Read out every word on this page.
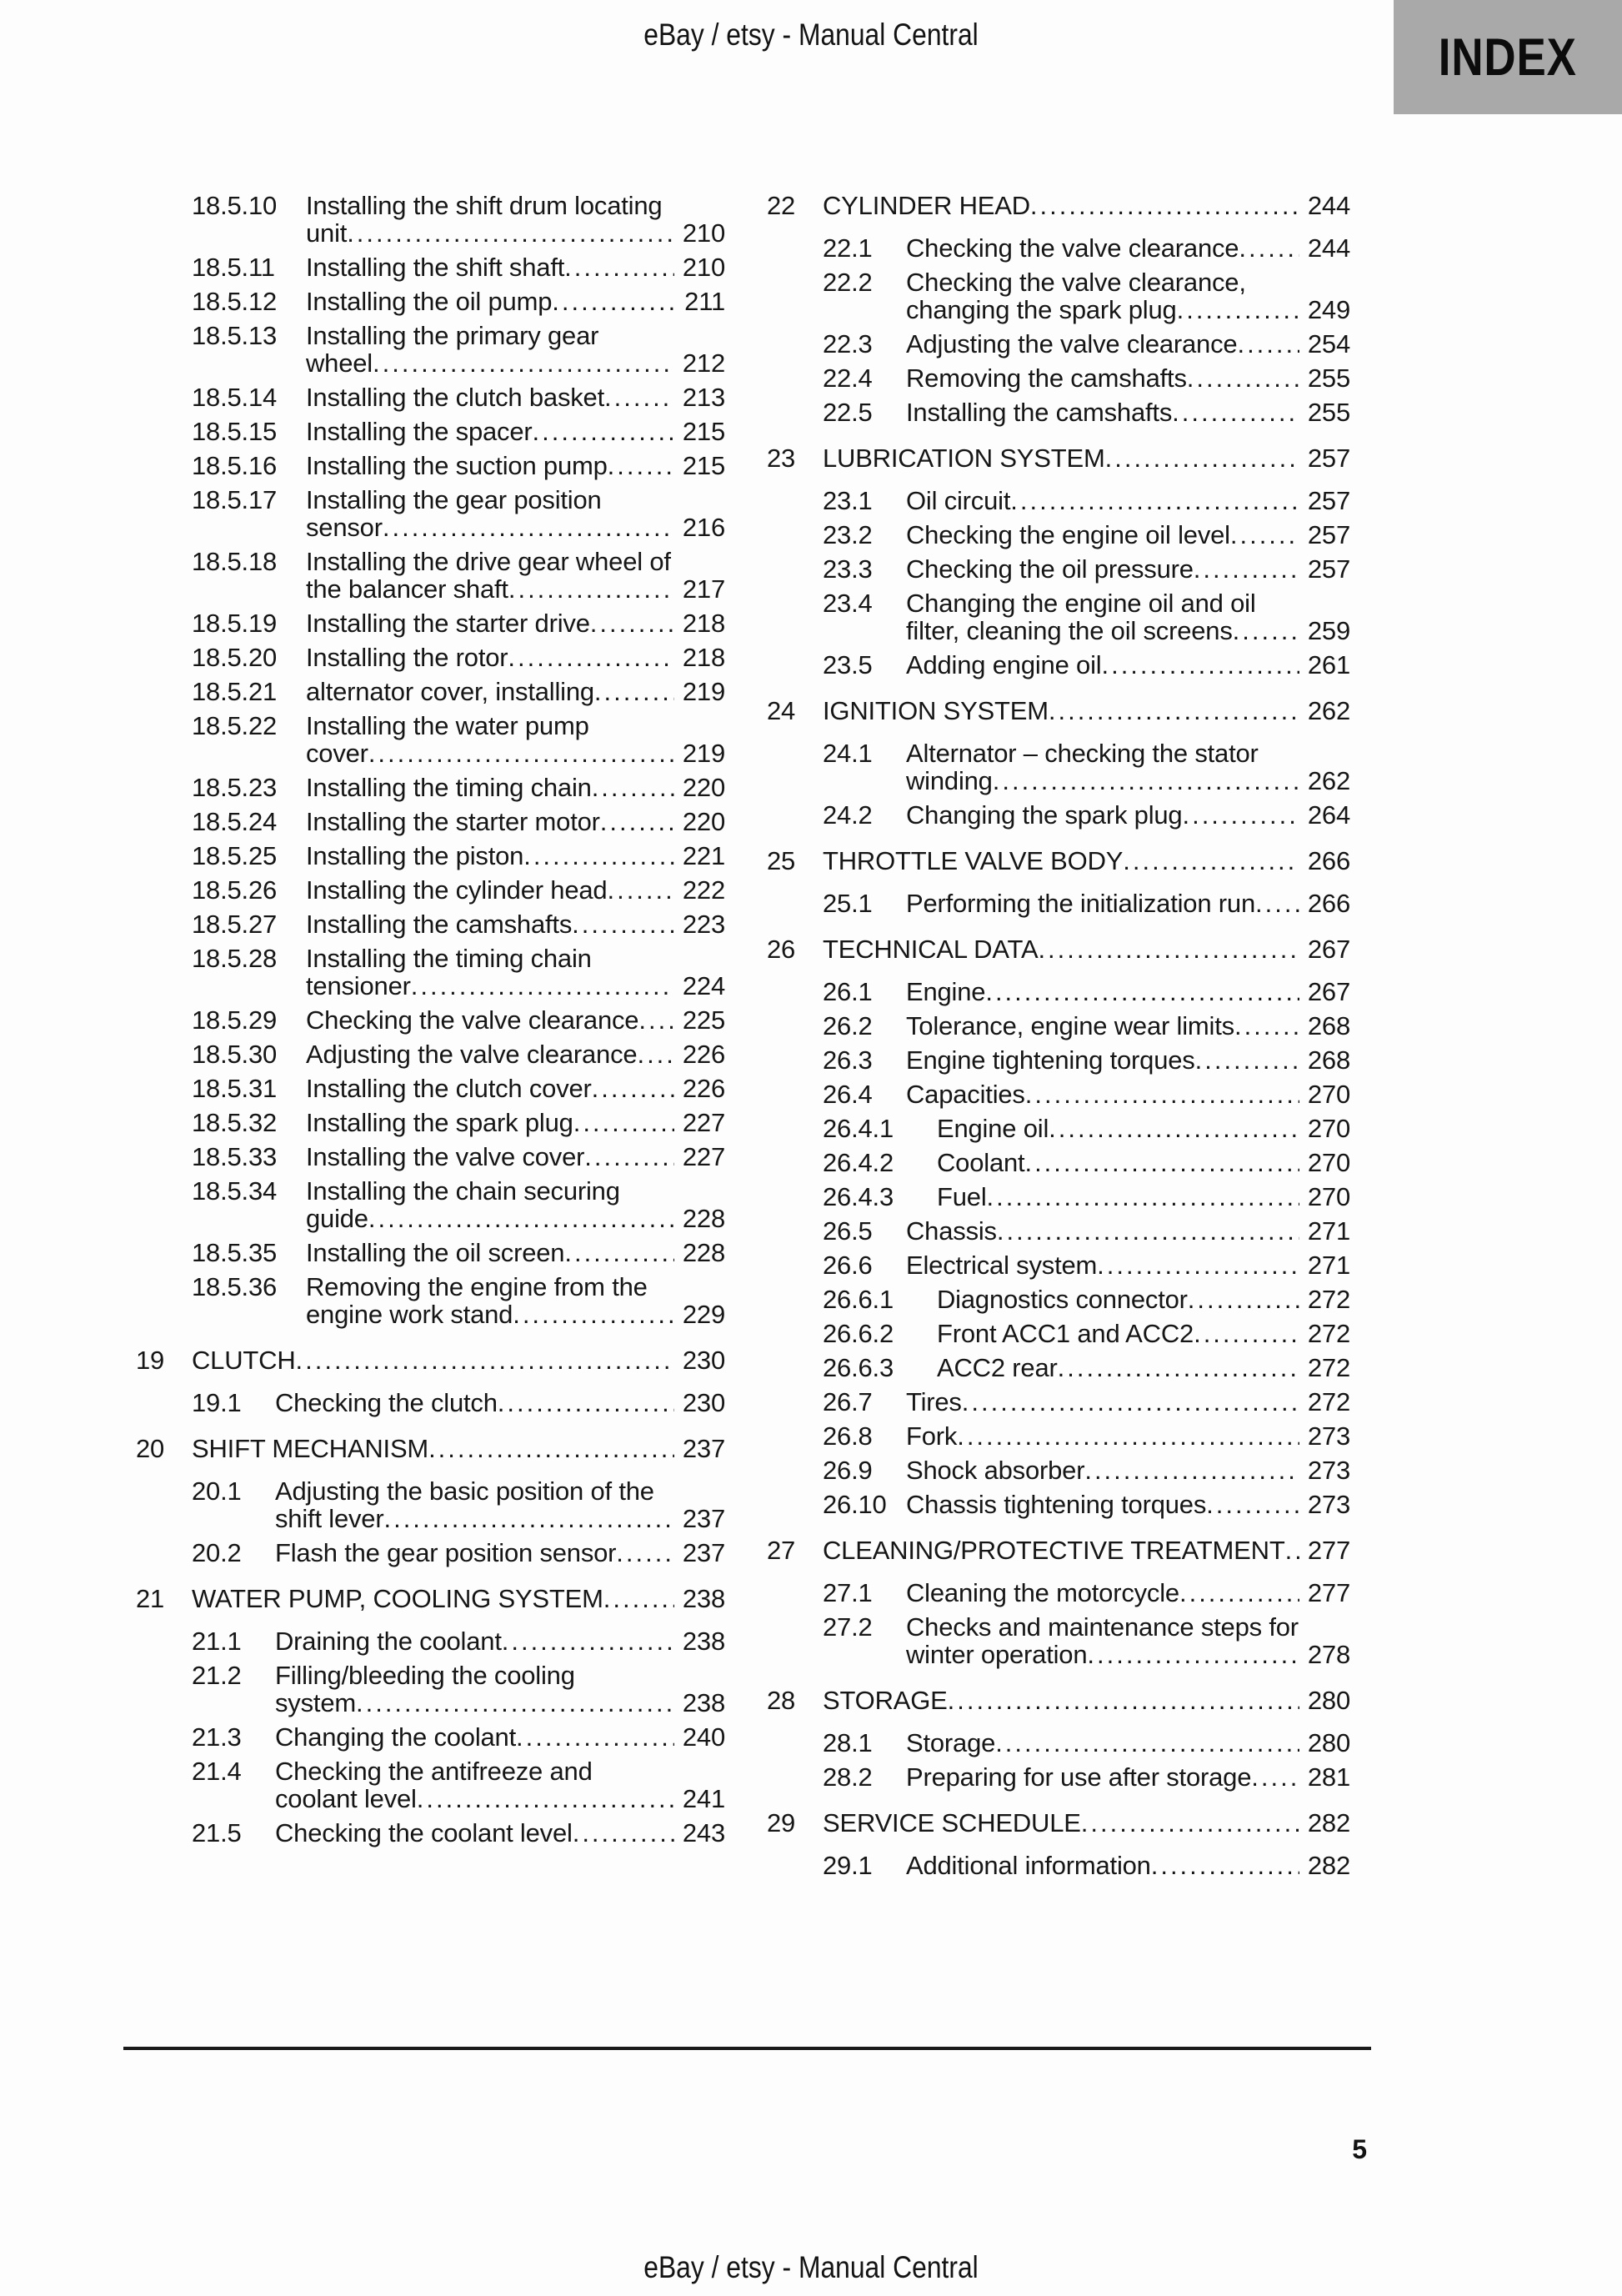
eBay / etsy - Manual Central	INDEX
18.5.10	Installing the shift drum locating
unit .....	210
18.5.11	Installing the shift shaft .....	210
18.5.12	Installing the oil pump .....	211
18.5.13	Installing the primary gear
wheel .....	212
18.5.14	Installing the clutch basket .....	213
18.5.15	Installing the spacer .....	215
18.5.16	Installing the suction pump .....	215
18.5.17	Installing the gear position
sensor .....	216
18.5.18	Installing the drive gear wheel of
the balancer shaft .....	217
18.5.19	Installing the starter drive .....	218
18.5.20	Installing the rotor .....	218
18.5.21	alternator cover, installing .....	219
18.5.22	Installing the water pump
cover .....	219
18.5.23	Installing the timing chain .....	220
18.5.24	Installing the starter motor .....	220
18.5.25	Installing the piston .....	221
18.5.26	Installing the cylinder head .....	222
18.5.27	Installing the camshafts .....	223
18.5.28	Installing the timing chain
tensioner .....	224
18.5.29	Checking the valve clearance .....	225
18.5.30	Adjusting the valve clearance .....	226
18.5.31	Installing the clutch cover .....	226
18.5.32	Installing the spark plug .....	227
18.5.33	Installing the valve cover .....	227
18.5.34	Installing the chain securing
guide .....	228
18.5.35	Installing the oil screen .....	228
18.5.36	Removing the engine from the
engine work stand .....	229
19	CLUTCH .....	230
19.1	Checking the clutch .....	230
20	SHIFT MECHANISM .....	237
20.1	Adjusting the basic position of the
shift lever .....	237
20.2	Flash the gear position sensor .....	237
21	WATER PUMP, COOLING SYSTEM .....	238
21.1	Draining the coolant .....	238
21.2	Filling/bleeding the cooling
system .....	238
21.3	Changing the coolant .....	240
21.4	Checking the antifreeze and
coolant level .....	241
21.5	Checking the coolant level .....	243
22	CYLINDER HEAD .....	244
22.1	Checking the valve clearance .....	244
22.2	Checking the valve clearance,
changing the spark plug .....	249
22.3	Adjusting the valve clearance .....	254
22.4	Removing the camshafts .....	255
22.5	Installing the camshafts .....	255
23	LUBRICATION SYSTEM .....	257
23.1	Oil circuit .....	257
23.2	Checking the engine oil level .....	257
23.3	Checking the oil pressure .....	257
23.4	Changing the engine oil and oil
filter, cleaning the oil screens .....	259
23.5	Adding engine oil .....	261
24	IGNITION SYSTEM .....	262
24.1	Alternator – checking the stator
winding .....	262
24.2	Changing the spark plug .....	264
25	THROTTLE VALVE BODY .....	266
25.1	Performing the initialization run .....	266
26	TECHNICAL DATA .....	267
26.1	Engine .....	267
26.2	Tolerance, engine wear limits .....	268
26.3	Engine tightening torques .....	268
26.4	Capacities .....	270
26.4.1	Engine oil .....	270
26.4.2	Coolant .....	270
26.4.3	Fuel .....	270
26.5	Chassis .....	271
26.6	Electrical system .....	271
26.6.1	Diagnostics connector .....	272
26.6.2	Front ACC1 and ACC2 .....	272
26.6.3	ACC2 rear .....	272
26.7	Tires .....	272
26.8	Fork .....	273
26.9	Shock absorber .....	273
26.10 Chassis tightening torques .....	273
27	CLEANING/PROTECTIVE TREATMENT ..... 277
27.1	Cleaning the motorcycle .....	277
27.2	Checks and maintenance steps for
winter operation .....	278
28	STORAGE .....	280
28.1	Storage .....	280
28.2	Preparing for use after storage .....	281
29	SERVICE SCHEDULE .....	282
29.1	Additional information .....	282
5
eBay / etsy - Manual Central
